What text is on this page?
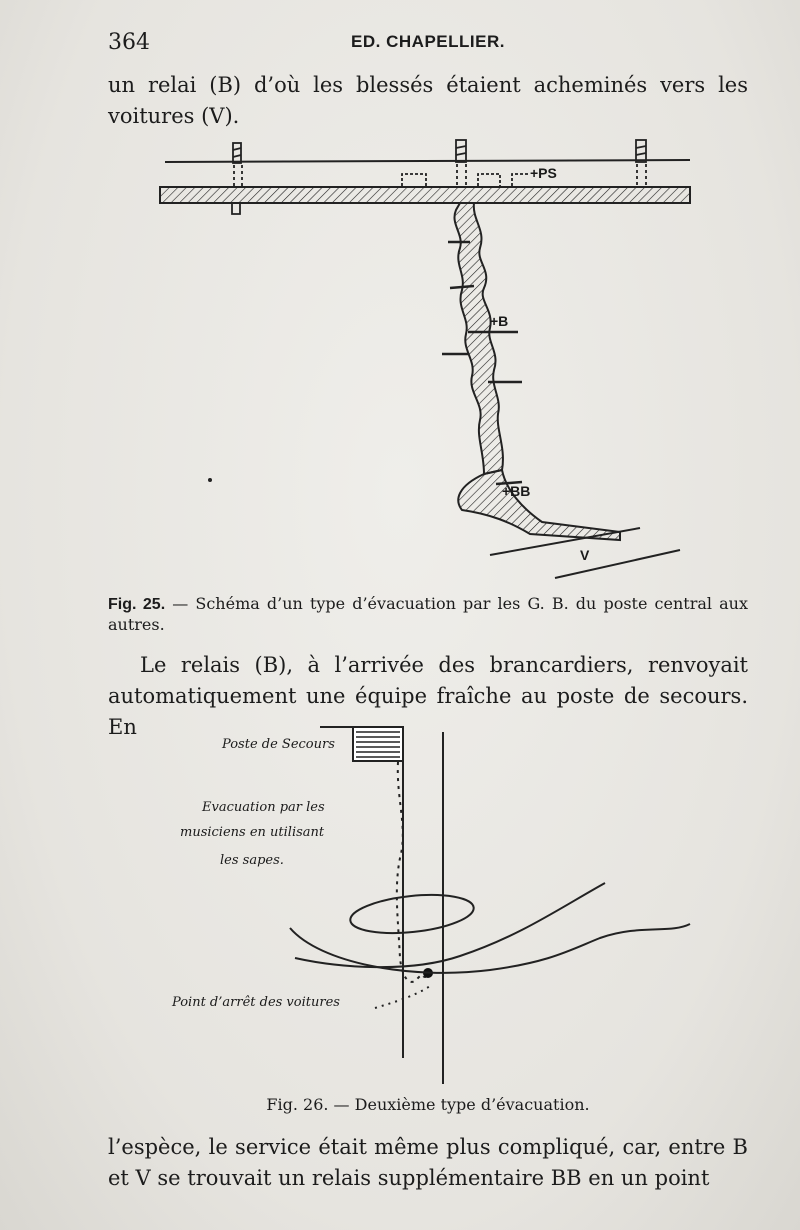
364	ED. CHAPELLIER.

un relai (B) d’où les blessés étaient acheminés vers les voitures (V).

+PS
+B
+BB
V

Fig. 25. — Schéma d’un type d’évacuation par les G. B. du poste central aux autres.

Le relais (B), à l’arrivée des brancardiers, renvoyait automatiquement une équipe fraîche au poste de secours. En

Poste de Secours
Evacuation par les
musiciens en utilisant
les sapes.
Point d’arrêt des voitures

Fig. 26. — Deuxième type d’évacuation.

l’espèce, le service était même plus compliqué, car, entre B et V se trouvait un relais supplémentaire BB en un point
